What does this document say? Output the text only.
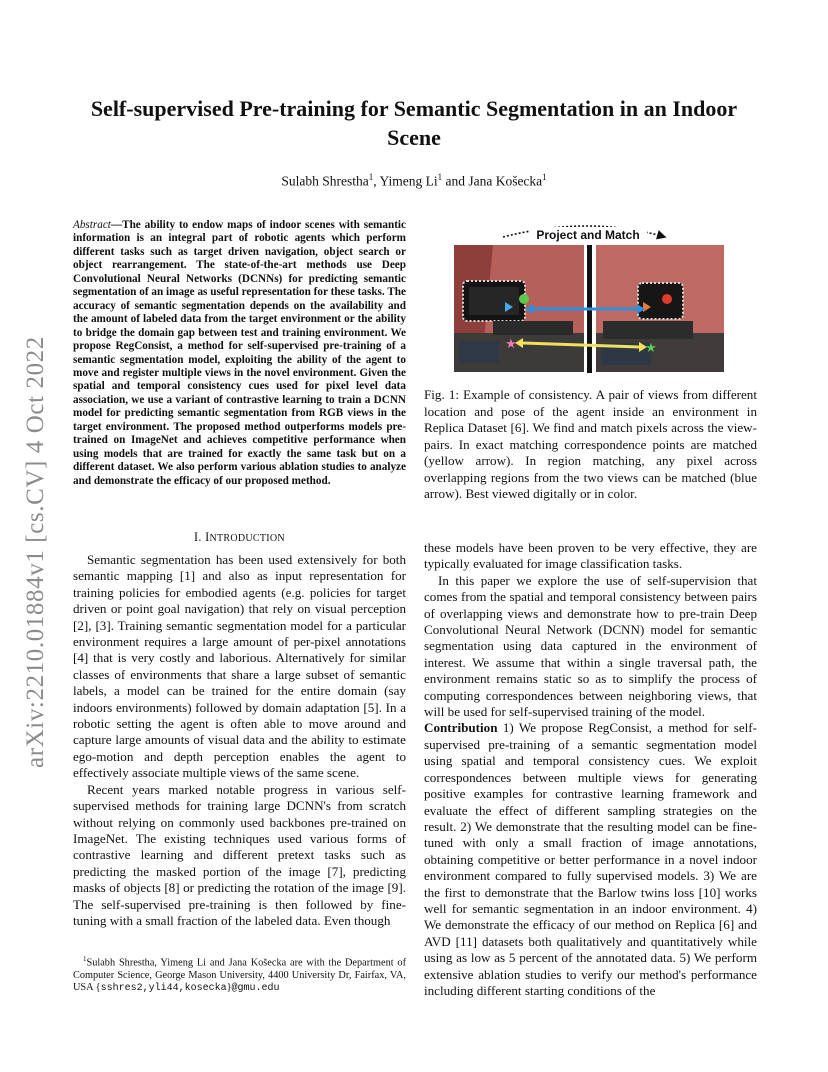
arXiv:2210.01884v1 [cs.CV] 4 Oct 2022
Self-supervised Pre-training for Semantic Segmentation in an Indoor Scene
Sulabh Shrestha$^1$, Yimeng Li$^1$ and Jana Košecka$^1$
Abstract—The ability to endow maps of indoor scenes with semantic information is an integral part of robotic agents which perform different tasks such as target driven navigation, object search or object rearrangement. The state-of-the-art methods use Deep Convolutional Neural Networks (DCNNs) for predicting semantic segmentation of an image as useful representation for these tasks. The accuracy of semantic segmentation depends on the availability and the amount of labeled data from the target environment or the ability to bridge the domain gap between test and training environment. We propose RegConsist, a method for self-supervised pre-training of a semantic segmentation model, exploiting the ability of the agent to move and register multiple views in the novel environment. Given the spatial and temporal consistency cues used for pixel level data association, we use a variant of contrastive learning to train a DCNN model for predicting semantic segmentation from RGB views in the target environment. The proposed method outperforms models pre-trained on ImageNet and achieves competitive performance when using models that are trained for exactly the same task but on a different dataset. We also perform various ablation studies to analyze and demonstrate the efficacy of our proposed method.
I. INTRODUCTION

Semantic segmentation has been used extensively for both semantic mapping [1] and also as input representation for training policies for embodied agents (e.g. policies for target driven or point goal navigation) that rely on visual perception [2], [3]. Training semantic segmentation model for a particular environment requires a large amount of per-pixel annotations [4] that is very costly and laborious. Alternatively for similar classes of environments that share a large subset of semantic labels, a model can be trained for the entire domain (say indoors environments) followed by domain adaptation [5]. In a robotic setting the agent is often able to move around and capture large amounts of visual data and the ability to estimate ego-motion and depth perception enables the agent to effectively associate multiple views of the same scene.

Recent years marked notable progress in various self-supervised methods for training large DCNN's from scratch without relying on commonly used backbones pre-trained on ImageNet. The existing techniques used various forms of contrastive learning and different pretext tasks such as predicting the masked portion of the image [7], predicting masks of objects [8] or predicting the rotation of the image [9]. The self-supervised pre-training is then followed by fine-tuning with a small fraction of the labeled data. Even though

$^1$Sulabh Shrestha, Yimeng Li and Jana Košecka are with the Department of Computer Science, George Mason University, 4400 University Dr, Fairfax, VA, USA {sshres2,yli44,kosecka}@gmu.edu
Project and Match
★	★
Fig. 1: Example of consistency. A pair of views from different location and pose of the agent inside an environment in Replica Dataset [6]. We find and match pixels across the view-pairs. In exact matching correspondence points are matched (yellow arrow). In region matching, any pixel across overlapping regions from the two views can be matched (blue arrow). Best viewed digitally or in color.

these models have been proven to be very effective, they are typically evaluated for image classification tasks.

In this paper we explore the use of self-supervision that comes from the spatial and temporal consistency between pairs of overlapping views and demonstrate how to pre-train Deep Convolutional Neural Network (DCNN) model for semantic segmentation using data captured in the environment of interest. We assume that within a single traversal path, the environment remains static so as to simplify the process of computing correspondences between neighboring views, that will be used for self-supervised training of the model.

Contribution 1) We propose RegConsist, a method for self-supervised pre-training of a semantic segmentation model using spatial and temporal consistency cues. We exploit correspondences between multiple views for generating positive examples for contrastive learning framework and evaluate the effect of different sampling strategies on the result. 2) We demonstrate that the resulting model can be fine-tuned with only a small fraction of image annotations, obtaining competitive or better performance in a novel indoor environment compared to fully supervised models. 3) We are the first to demonstrate that the Barlow twins loss [10] works well for semantic segmentation in an indoor environment. 4) We demonstrate the efficacy of our method on Replica [6] and AVD [11] datasets both qualitatively and quantitatively while using as low as 5 percent of the annotated data. 5) We perform extensive ablation studies to verify our method's performance including different starting conditions of the
